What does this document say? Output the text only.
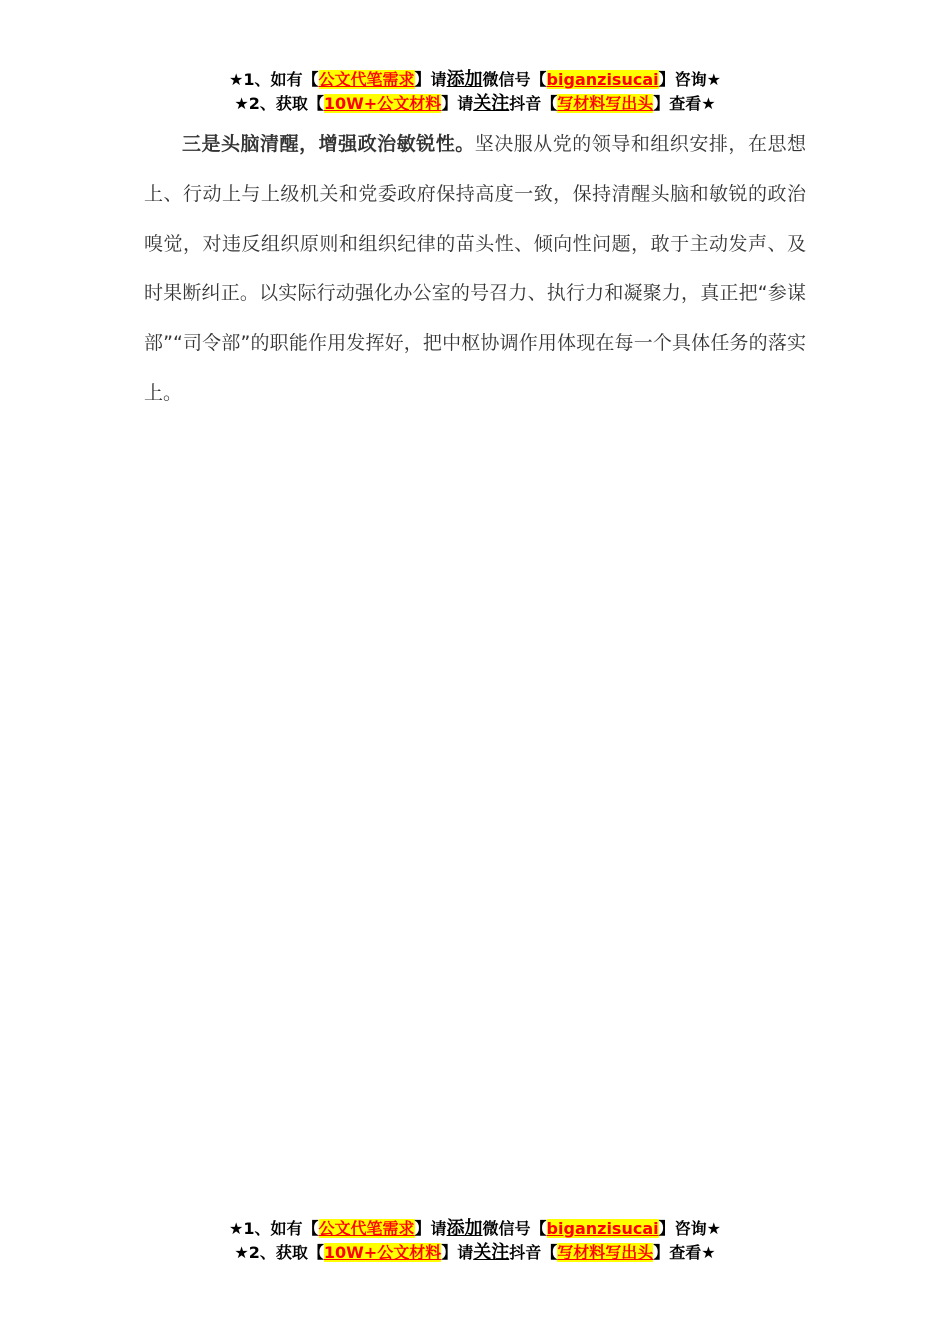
★1、如有【公文代笔需求】请添加微信号【biganzisucai】咨询★
★2、获取【10W+公文材料】请关注抖音【写材料写出头】查看★

三是头脑清醒，增强政治敏锐性。坚决服从党的领导和组织安排，在思想上、行动上与上级机关和党委政府保持高度一致，保持清醒头脑和敏锐的政治嗅觉，对违反组织原则和组织纪律的苗头性、倾向性问题，敢于主动发声、及时果断纠正。以实际行动强化办公室的号召力、执行力和凝聚力，真正把“参谋部”“司令部”的职能作用发挥好，把中枢协调作用体现在每一个具体任务的落实上。

★1、如有【公文代笔需求】请添加微信号【biganzisucai】咨询★
★2、获取【10W+公文材料】请关注抖音【写材料写出头】查看★
